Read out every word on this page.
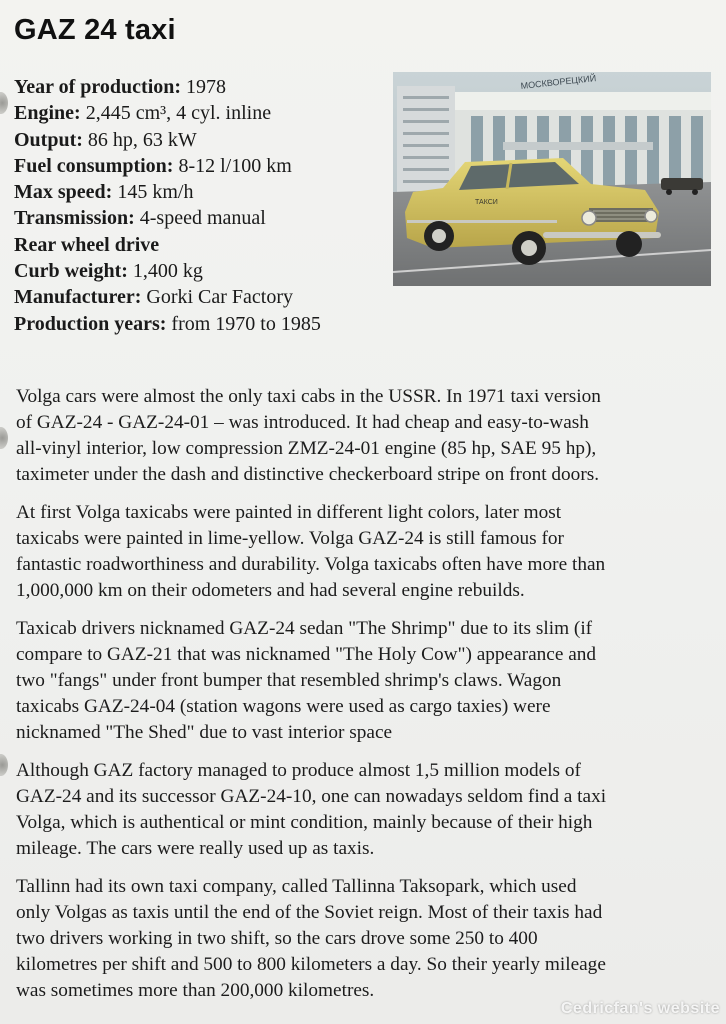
GAZ 24 taxi
Year of production: 1978
Engine: 2,445 cm³, 4 cyl. inline
Output: 86 hp, 63 kW
Fuel consumption: 8-12 l/100 km
Max speed: 145 km/h
Transmission: 4-speed manual
Rear wheel drive
Curb weight: 1,400 kg
Manufacturer: Gorki Car Factory
Production years: from 1970 to 1985
МОСКВОРЕЦКИЙ
ТАКСИ
Volga cars were almost the only taxi cabs in the USSR. In 1971 taxi version
of GAZ-24 - GAZ-24-01 – was introduced. It had cheap and easy-to-wash
all-vinyl interior, low compression ZMZ-24-01 engine (85 hp, SAE 95 hp),
taximeter under the dash and distinctive checkerboard stripe on front doors.
At first Volga taxicabs were painted in different light colors, later most
taxicabs were painted in lime-yellow. Volga GAZ-24 is still famous for
fantastic roadworthiness and durability. Volga taxicabs often have more than
1,000,000 km on their odometers and had several engine rebuilds.
Taxicab drivers nicknamed GAZ-24 sedan "The Shrimp" due to its slim (if
compare to GAZ-21 that was nicknamed "The Holy Cow") appearance and
two "fangs" under front bumper that resembled shrimp's claws. Wagon
taxicabs GAZ-24-04 (station wagons were used as cargo taxies) were
nicknamed "The Shed" due to vast interior space
Although GAZ factory managed to produce almost 1,5 million models of
GAZ-24 and its successor GAZ-24-10, one can nowadays seldom find a taxi
Volga, which is authentical or mint condition, mainly because of their high
mileage. The cars were really used up as taxis.
Tallinn had its own taxi company, called Tallinna Taksopark, which used
only Volgas as taxis until the end of the Soviet reign. Most of their taxis had
two drivers working in two shift, so the cars drove some 250 to 400
kilometres per shift and 500 to 800 kilometers a day. So their yearly mileage
was sometimes more than 200,000 kilometres.
Cedricfan's website
